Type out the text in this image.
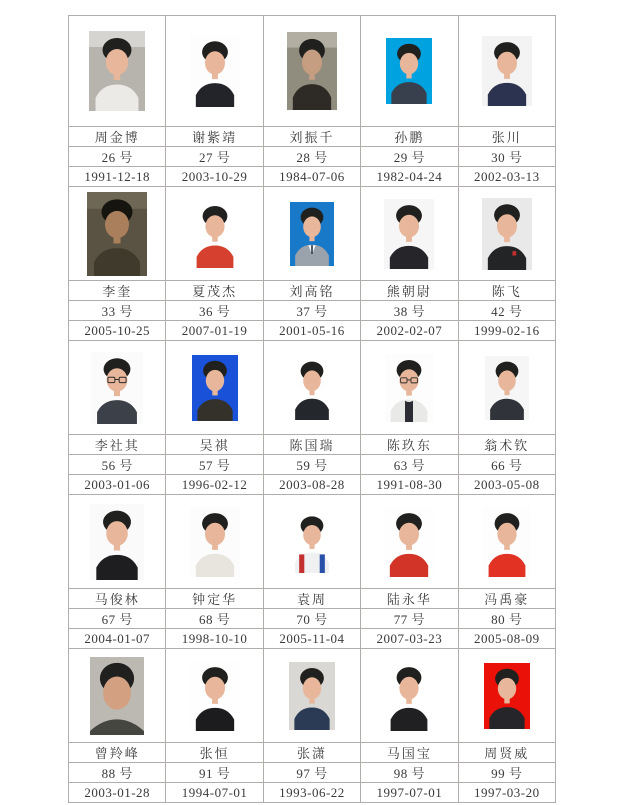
周金博	谢紫靖	刘振千	孙鹏	张川
26 号	27 号	28 号	29 号	30 号
1991-12-18	2003-10-29	1984-07-06	1982-04-24	2002-03-13

李奎	夏茂杰	刘高铭	熊朝尉	陈飞
33 号	36 号	37 号	38 号	42 号
2005-10-25	2007-01-19	2001-05-16	2002-02-07	1999-02-16

李社其	吴祺	陈国瑞	陈玖东	翁术钦
56 号	57 号	59 号	63 号	66 号
2003-01-06	1996-02-12	2003-08-28	1991-08-30	2003-05-08

马俊林	钟定华	袁周	陆永华	冯禹豪
67 号	68 号	70 号	77 号	80 号
2004-01-07	1998-10-10	2005-11-04	2007-03-23	2005-08-09

曾羚峰	张恒	张潇	马国宝	周贤威
88 号	91 号	97 号	98 号	99 号
2003-01-28	1994-07-01	1993-06-22	1997-07-01	1997-03-20
